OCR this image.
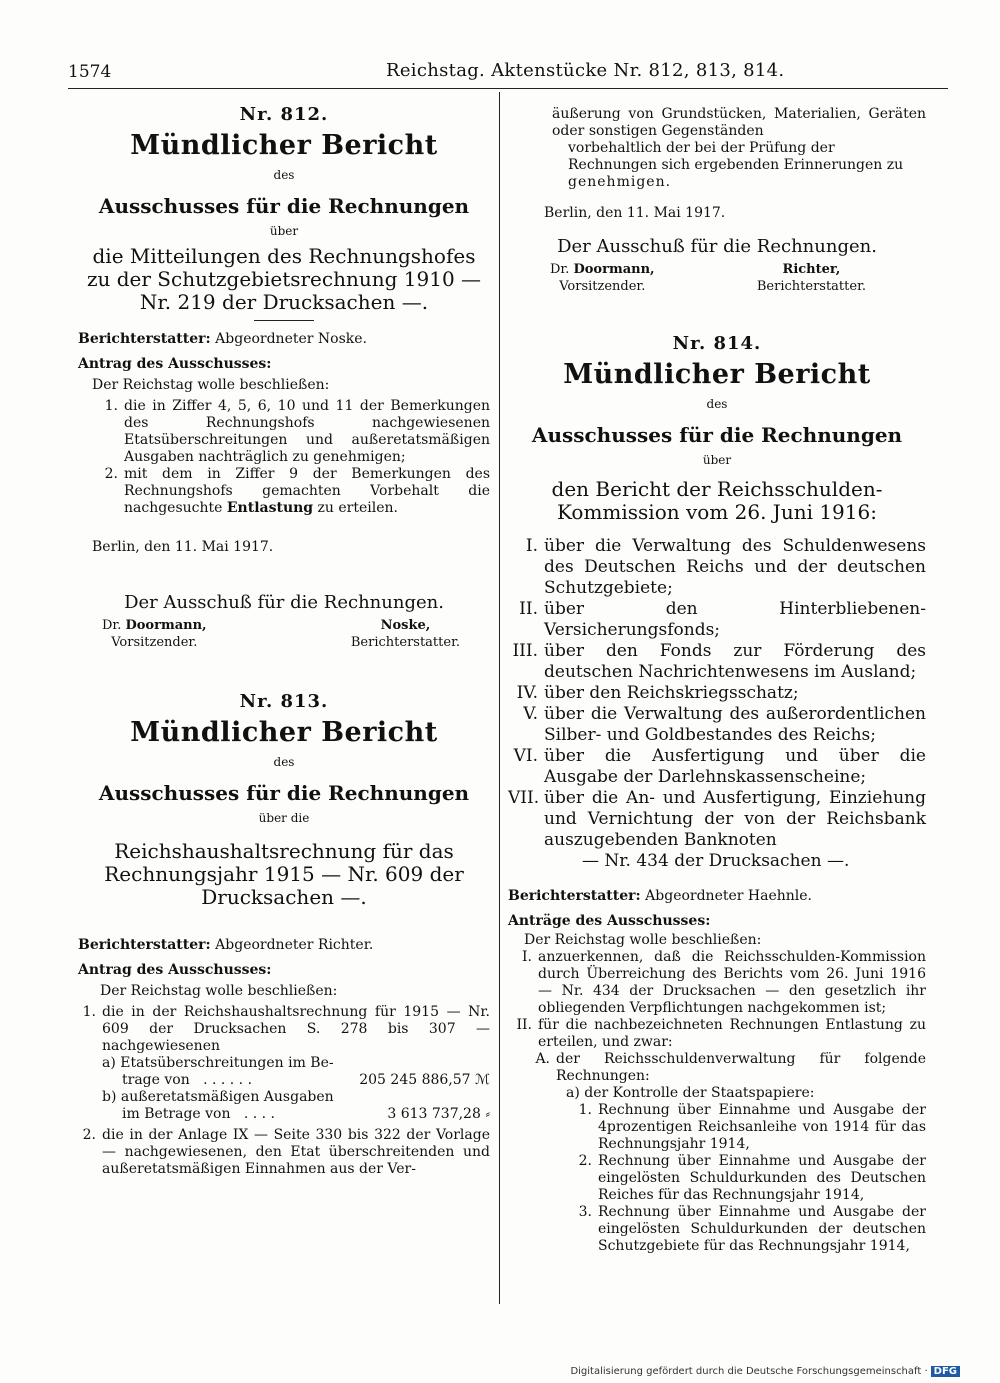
1574	Reichstag. Aktenstücke Nr. 812, 813, 814.
Nr. 812.
Mündlicher Bericht
des
Ausschusses für die Rechnungen
über
die Mitteilungen des Rechnungshofes zu der Schutzgebietsrechnung 1910 — Nr. 219 der Drucksachen —.

Berichterstatter: Abgeordneter Noske.

Antrag des Ausschusses:

Der Reichstag wolle beschließen:

1. die in Ziffer 4, 5, 6, 10 und 11 der Bemerkungen des Rechnungshofs nachgewiesenen Etatsüberschreitungen und außeretatsmäßigen Ausgaben nachträglich zu genehmigen;
2. mit dem in Ziffer 9 der Bemerkungen des Rechnungshofs gemachten Vorbehalt die nachgesuchte Entlastung zu erteilen.

Berlin, den 11. Mai 1917.

Der Ausschuß für die Rechnungen.
Dr. Doormann,
Vorsitzender.
Noske,
Berichterstatter.
Nr. 813.
Mündlicher Bericht
des
Ausschusses für die Rechnungen
über die
Reichshaushaltsrechnung für das Rechnungsjahr 1915 — Nr. 609 der Drucksachen —.

Berichterstatter: Abgeordneter Richter.

Antrag des Ausschusses:

Der Reichstag wolle beschließen:

1. die in der Reichshaushaltsrechnung für 1915 — Nr. 609 der Drucksachen S. 278 bis 307 — nachgewiesenen

a) Etatsüberschreitungen im Be-

trage von . . . . . .	205 245 886,57 ℳ

b) außeretatsmäßigen Ausgaben

im Betrage von . . . .	3 613 737,28 ⸗
2. die in der Anlage IX — Seite 330 bis 322 der Vorlage — nachgewiesenen, den Etat überschreitenden und außeretatsmäßigen Einnahmen aus der Ver-

äußerung von Grundstücken, Materialien, Geräten oder sonstigen Gegenständen

vorbehaltlich der bei der Prüfung der Rechnungen sich ergebenden Erinnerungen zu genehmigen.

Berlin, den 11. Mai 1917.

Der Ausschuß für die Rechnungen.
Dr. Doormann,
Vorsitzender.
Richter,
Berichterstatter.
Nr. 814.
Mündlicher Bericht
des
Ausschusses für die Rechnungen
über
den Bericht der Reichsschulden-Kommission vom 26. Juni 1916:
I. über die Verwaltung des Schuldenwesens des Deutschen Reichs und der deutschen Schutzgebiete;
II. über den Hinterbliebenen-Versicherungsfonds;
III. über den Fonds zur Förderung des deutschen Nachrichtenwesens im Ausland;
IV. über den Reichskriegsschatz;
V. über die Verwaltung des außerordentlichen Silber- und Goldbestandes des Reichs;
VI. über die Ausfertigung und über die Ausgabe der Darlehnskassenscheine;
VII. über die An- und Ausfertigung, Einziehung und Vernichtung der von der Reichsbank auszugebenden Banknoten

— Nr. 434 der Drucksachen —.

Berichterstatter: Abgeordneter Haehnle.

Anträge des Ausschusses:

Der Reichstag wolle beschließen:

I. anzuerkennen, daß die Reichsschulden-Kommission durch Überreichung des Berichts vom 26. Juni 1916 — Nr. 434 der Drucksachen — den gesetzlich ihr obliegenden Verpflichtungen nachgekommen ist;
II. für die nachbezeichneten Rechnungen Entlastung zu erteilen, und zwar:
A. der Reichsschuldenverwaltung für folgende Rechnungen:

a) der Kontrolle der Staatspapiere:

1. Rechnung über Einnahme und Ausgabe der 4prozentigen Reichsanleihe von 1914 für das Rechnungsjahr 1914,
2. Rechnung über Einnahme und Ausgabe der eingelösten Schuldurkunden des Deutschen Reiches für das Rechnungsjahr 1914,
3. Rechnung über Einnahme und Ausgabe der eingelösten Schuldurkunden der deutschen Schutzgebiete für das Rechnungsjahr 1914,
Digitalisierung gefördert durch die Deutsche Forschungsgemeinschaft · DFG
